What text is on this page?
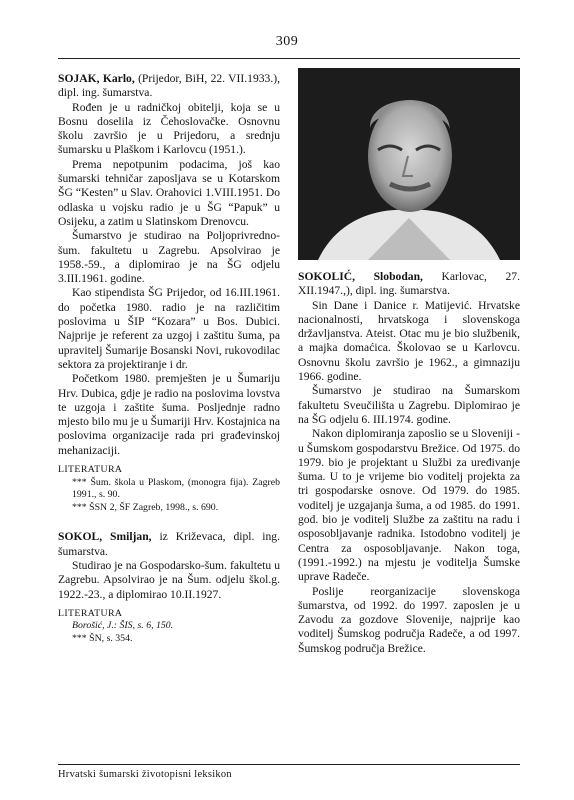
309

SOJAK, Karlo, (Prijedor, BiH, 22. VII.1933.), dipl. ing. šumarstva.

Rođen je u radničkoj obitelji, koja se u Bosnu doselila iz Čehoslovačke. Osnovnu školu završio je u Prijedoru, a srednju šumarsku u Plaškom i Karlovcu (1951.).

Prema nepotpunim podacima, još kao šumarski tehničar zaposljava se u Kotarskom ŠG “Kesten” u Slav. Orahovici 1.VIII.1951. Do odlaska u vojsku radio je u ŠG “Papuk” u Osijeku, a zatim u Slatinskom Drenovcu.

Šumarstvo je studirao na Poljoprivredno-šum. fakultetu u Zagrebu. Apsolvirao je 1958.-59., a diplomirao je na ŠG odjelu 3.III.1961. godine.

Kao stipendista ŠG Prijedor, od 16.III.1961. do početka 1980. radio je na različitim poslovima u ŠIP “Kozara” u Bos. Dubici. Najprije je referent za uzgoj i zaštitu šuma, pa upravitelj Šumarije Bosanski Novi, rukovodilac sektora za projektiranje i dr.

Početkom 1980. premješten je u Šumariju Hrv. Dubica, gdje je radio na poslovima lovstva te uzgoja i zaštite šuma. Posljednje radno mjesto bilo mu je u Šumariji Hrv. Kostajnica na poslovima organizacije rada pri građevinskoj mehanizaciji.

LITERATURA
*** Šum. škola u Plaskom, (monogra fija). Zagreb 1991., s. 90.
*** ŠSN 2, ŠF Zagreb, 1998., s. 690.

SOKOL, Smiljan, iz Križevaca, dipl. ing. šumarstva.

Studirao je na Gospodarsko-šum. fakultetu u Zagrebu. Apsolvirao je na Šum. odjelu škol.g. 1922.-23., a diplomirao 10.II.1927.

LITERATURA
Borošić, J.: ŠIS, s. 6, 150.
*** ŠN, s. 354.

SOKOLIĆ, Slobodan, Karlovac, 27. XII.1947.,), dipl. ing. šumarstva.

Sin Dane i Danice r. Matijević. Hrvatske nacionalnosti, hrvatskoga i slovenskoga državljanstva. Ateist. Otac mu je bio službenik, a majka domaćica. Školovao se u Karlovcu. Osnovnu školu završio je 1962., a gimnaziju 1966. godine.

Šumarstvo je studirao na Šumarskom fakultetu Sveučilišta u Zagrebu. Diplomirao je na ŠG odjelu 6. III.1974. godine.

Nakon diplomiranja zaposlio se u Sloveniji - u Šumskom gospodarstvu Brežice. Od 1975. do 1979. bio je projektant u Službi za uređivanje šuma. U to je vrijeme bio voditelj projekta za tri gospodarske osnove. Od 1979. do 1985. voditelj je uzgajanja šuma, a od 1985. do 1991. god. bio je voditelj Službe za zaštitu na radu i osposobljavanje radnika. Istodobno voditelj je Centra za osposobljavanje. Nakon toga, (1991.-1992.) na mjestu je voditelja Šumske uprave Radeče.

Poslije reorganizacije slovenskoga šumarstva, od 1992. do 1997. zaposlen je u Zavodu za gozdove Slovenije, najprije kao voditelj Šumskog područja Radeče, a od 1997. Šumskog područja Brežice.

Hrvatski šumarski životopisni leksikon
